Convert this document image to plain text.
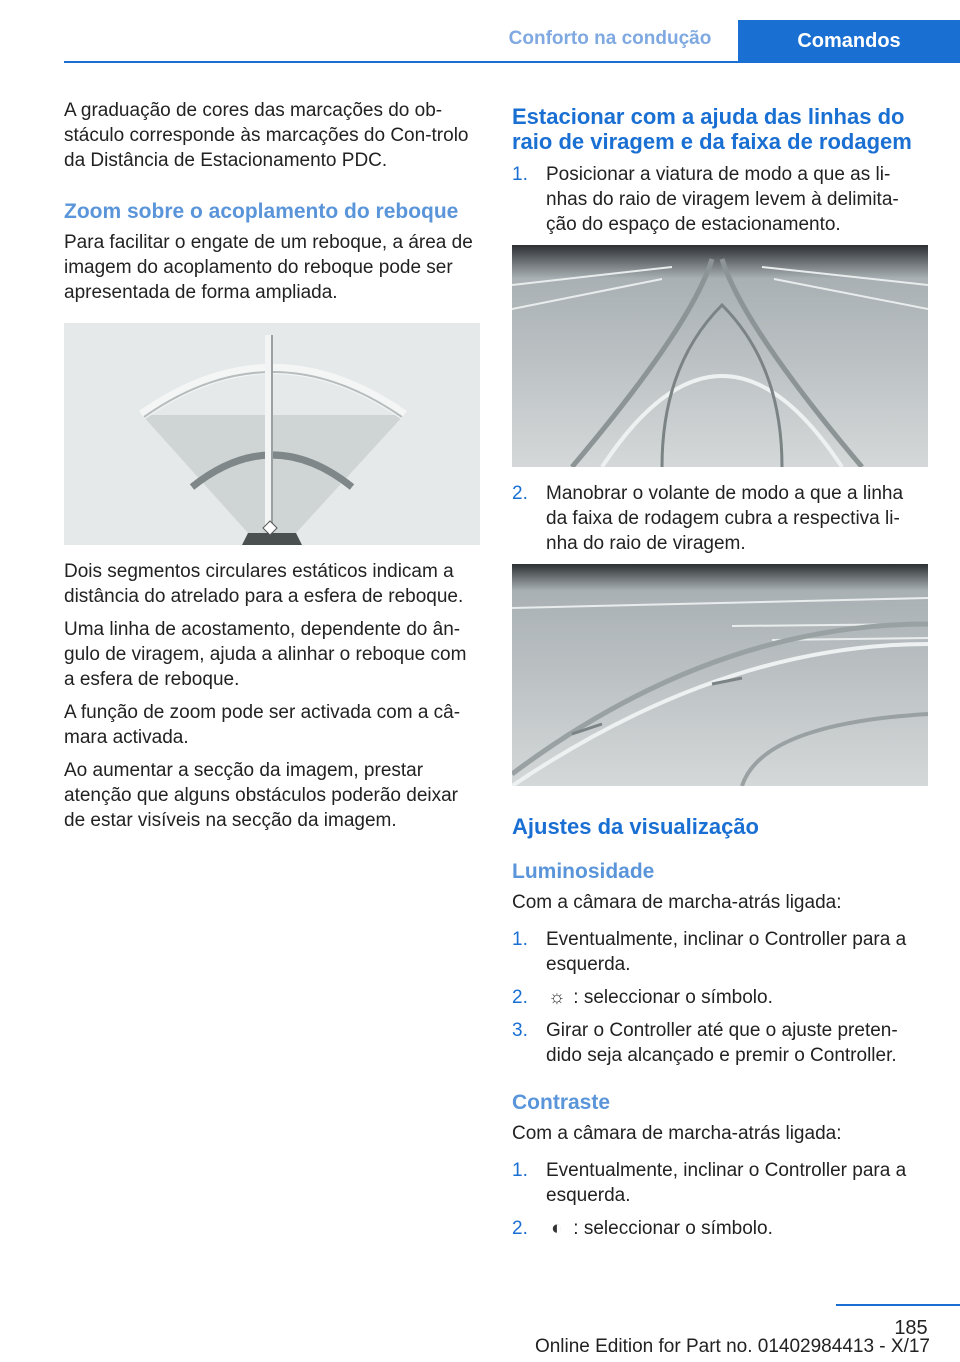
Conforto na condução	Comandos

A graduação de cores das marcações do ob-stáculo corresponde às marcações do Con-trolo da Distância de Estacionamento PDC.

Zoom sobre o acoplamento do reboque

Para facilitar o engate de um reboque, a área de imagem do acoplamento do reboque pode ser apresentada de forma ampliada.

Dois segmentos circulares estáticos indicam a distância do atrelado para a esfera de reboque.

Uma linha de acostamento, dependente do ân-gulo de viragem, ajuda a alinhar o reboque com a esfera de reboque.

A função de zoom pode ser activada com a câ-mara activada.

Ao aumentar a secção da imagem, prestar atenção que alguns obstáculos poderão deixar de estar visíveis na secção da imagem.

Estacionar com a ajuda das linhas do raio de viragem e da faixa de rodagem
1. Posicionar a viatura de modo a que as li-nhas do raio de viragem levem à delimita-ção do espaço de estacionamento.
2. Manobrar o volante de modo a que a linha da faixa de rodagem cubra a respectiva li-nha do raio de viragem.
Ajustes da visualização
Luminosidade

Com a câmara de marcha-atrás ligada:

1. Eventualmente, inclinar o Controller para a esquerda.
2. ☼ : seleccionar o símbolo.
3. Girar o Controller até que o ajuste preten-dido seja alcançado e premir o Controller.
Contraste

Com a câmara de marcha-atrás ligada:

1. Eventualmente, inclinar o Controller para a esquerda.
2. ◐ : seleccionar o símbolo.
185
Online Edition for Part no. 01402984413 - X/17
